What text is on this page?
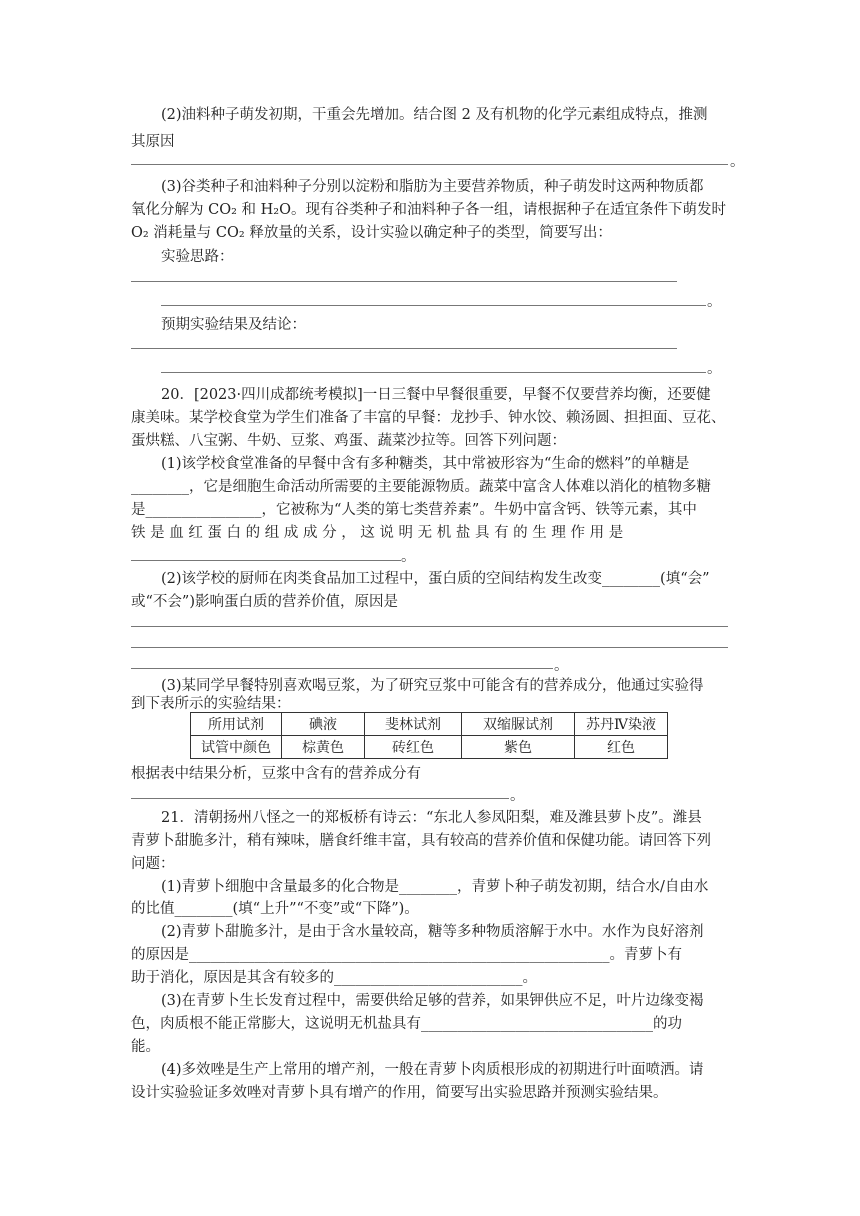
(2)油料种子萌发初期，干重会先增加。结合图 2 及有机物的化学元素组成特点，推测
其原因
。
(3)谷类种子和油料种子分别以淀粉和脂肪为主要营养物质，种子萌发时这两种物质都
氧化分解为 CO₂ 和 H₂O。现有谷类种子和油料种子各一组，请根据种子在适宜条件下萌发时
O₂ 消耗量与 CO₂ 释放量的关系，设计实验以确定种子的类型，简要写出：
实验思路：
。
预期实验结果及结论：
。
20．[2023·四川成都统考模拟]一日三餐中早餐很重要，早餐不仅要营养均衡，还要健
康美味。某学校食堂为学生们准备了丰富的早餐：龙抄手、钟水饺、赖汤圆、担担面、豆花、
蛋烘糕、八宝粥、牛奶、豆浆、鸡蛋、蔬菜沙拉等。回答下列问题：
(1)该学校食堂准备的早餐中含有多种糖类，其中常被形容为“生命的燃料”的单糖是
________，它是细胞生命活动所需要的主要能源物质。蔬菜中富含人体难以消化的植物多糖
是________________，它被称为“人类的第七类营养素”。牛奶中富含钙、铁等元素，其中
铁 是 血 红 蛋 白 的 组 成 成 分 ， 这 说 明 无 机 盐 具 有 的 生 理 作 用 是
。
(2)该学校的厨师在肉类食品加工过程中，蛋白质的空间结构发生改变________(填“会”
或“不会”)影响蛋白质的营养价值，原因是
。
(3)某同学早餐特别喜欢喝豆浆，为了研究豆浆中可能含有的营养成分，他通过实验得
到下表所示的实验结果：
所用试剂	碘液	斐林试剂	双缩脲试剂	苏丹Ⅳ染液
试管中颜色	棕黄色	砖红色	紫色	红色
根据表中结果分析，豆浆中含有的营养成分有
。
21．清朝扬州八怪之一的郑板桥有诗云：“东北人参凤阳梨，难及潍县萝卜皮”。潍县
青萝卜甜脆多汁，稍有辣味，膳食纤维丰富，具有较高的营养价值和保健功能。请回答下列
问题：
(1)青萝卜细胞中含量最多的化合物是________，青萝卜种子萌发初期，结合水/自由水
的比值________(填“上升”“不变”或“下降”)。
(2)青萝卜甜脆多汁，是由于含水量较高，糖等多种物质溶解于水中。水作为良好溶剂
的原因是__________________________________________________________。青萝卜有
助于消化，原因是其含有较多的__________________________。
(3)在青萝卜生长发育过程中，需要供给足够的营养，如果钾供应不足，叶片边缘变褐
色，肉质根不能正常膨大，这说明无机盐具有________________________________的功
能。
(4)多效唑是生产上常用的增产剂，一般在青萝卜肉质根形成的初期进行叶面喷洒。请
设计实验验证多效唑对青萝卜具有增产的作用，简要写出实验思路并预测实验结果。
